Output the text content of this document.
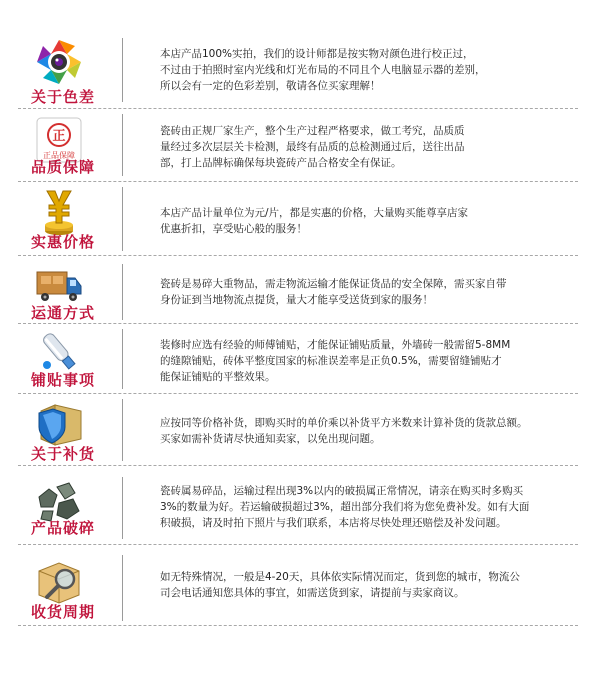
关于色差
本店产品100%实拍，我们的设计师都是按实物对颜色进行校正过，
不过由于拍照时室内光线和灯光布局的不同且个人电脑显示器的差别，
所以会有一定的色彩差别，敬请各位买家理解！
正
正品保障
品质保障
瓷砖由正规厂家生产，整个生产过程严格要求，做工考究，品质质
量经过多次层层关卡检测，最终有品质的总检测通过后，送往出品
部，打上品牌标确保每块瓷砖产品合格安全有保证。
实惠价格
本店产品计量单位为元/片，都是实惠的价格，大量购买能尊享店家
优惠折扣，享受贴心般的服务！
运通方式
瓷砖是易碎大重物品，需走物流运输才能保证货品的安全保障，需买家自带
身份证到当地物流点提货，量大才能享受送货到家的服务！
铺贴事项
装修时应选有经验的师傅铺贴，才能保证铺贴质量，外墙砖一般需留5-8MM
的缝隙铺贴，砖体平整度国家的标准误差率是正负0.5%，需要留缝铺贴才
能保证铺贴的平整效果。
关于补货
应按同等价格补货，即购买时的单价乘以补货平方米数来计算补货的货款总额。
买家如需补货请尽快通知卖家，以免出现问题。
产品破碎
瓷砖属易碎品，运输过程出现3%以内的破损属正常情况，请亲在购买时多购买
3%的数量为好。若运输破损超过3%，超出部分我们将为您免费补发。如有大面
积破损，请及时拍下照片与我们联系，本店将尽快处理还赔偿及补发问题。
收货周期
如无特殊情况，一般是4-20天，具体依实际情况而定，货到您的城市，物流公
司会电话通知您具体的事宜，如需送货到家，请提前与卖家商议。
